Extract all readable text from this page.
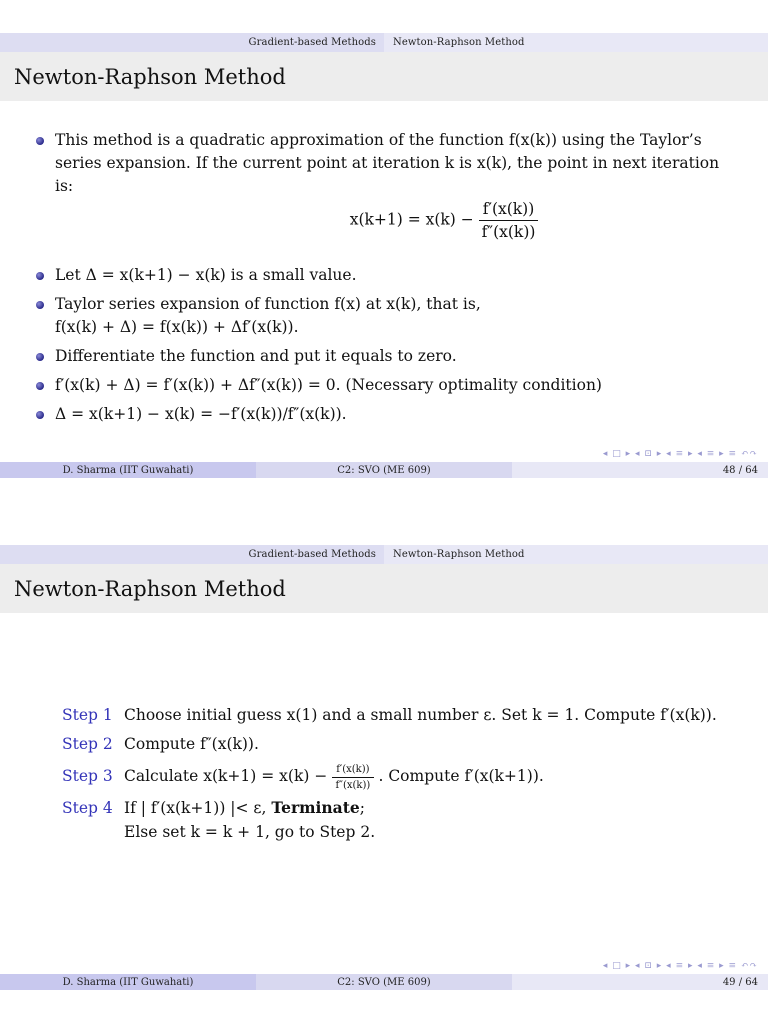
Gradient-based Methods Newton-Raphson Method
Newton-Raphson Method
This method is a quadratic approximation of the function f(x(k)) using the Taylor’s
series expansion. If the current point at iteration k is x(k), the point in next iteration
is:
$x(k+1) = x(k) - \frac{f'(x(k))}{f''(x(k))}$
Let Δ = x(k+1) − x(k) is a small value.
Taylor series expansion of function f(x) at x(k), that is,
f(x(k) + Δ) = f(x(k)) + Δf′(x(k)).
Differentiate the function and put it equals to zero.
f′(x(k) + Δ) = f′(x(k)) + Δf″(x(k)) = 0. (Necessary optimality condition)
Δ = x(k+1) − x(k) = −f′(x(k))/f″(x(k)).
◂ □ ▸ ◂ ⊡ ▸ ◂ ≡ ▸ ◂ ≡ ▸ ≡ ↶↷
D. Sharma (IIT Guwahati)	C2: SVO (ME 609)	48 / 64
Gradient-based Methods Newton-Raphson Method
Newton-Raphson Method
Step 1 Choose initial guess x(1) and a small number ε. Set k = 1. Compute f′(x(k)).
Step 2 Compute f″(x(k)).
Step 3 Calculate $x(k+1) = x(k) - \frac{f'(x(k))}{f''(x(k))}$ . Compute f′(x(k+1)).
Step 4 If | f′(x(k+1)) |< ε, Terminate;
Else set k = k + 1, go to Step 2.
◂ □ ▸ ◂ ⊡ ▸ ◂ ≡ ▸ ◂ ≡ ▸ ≡ ↶↷
D. Sharma (IIT Guwahati)	C2: SVO (ME 609)	49 / 64
